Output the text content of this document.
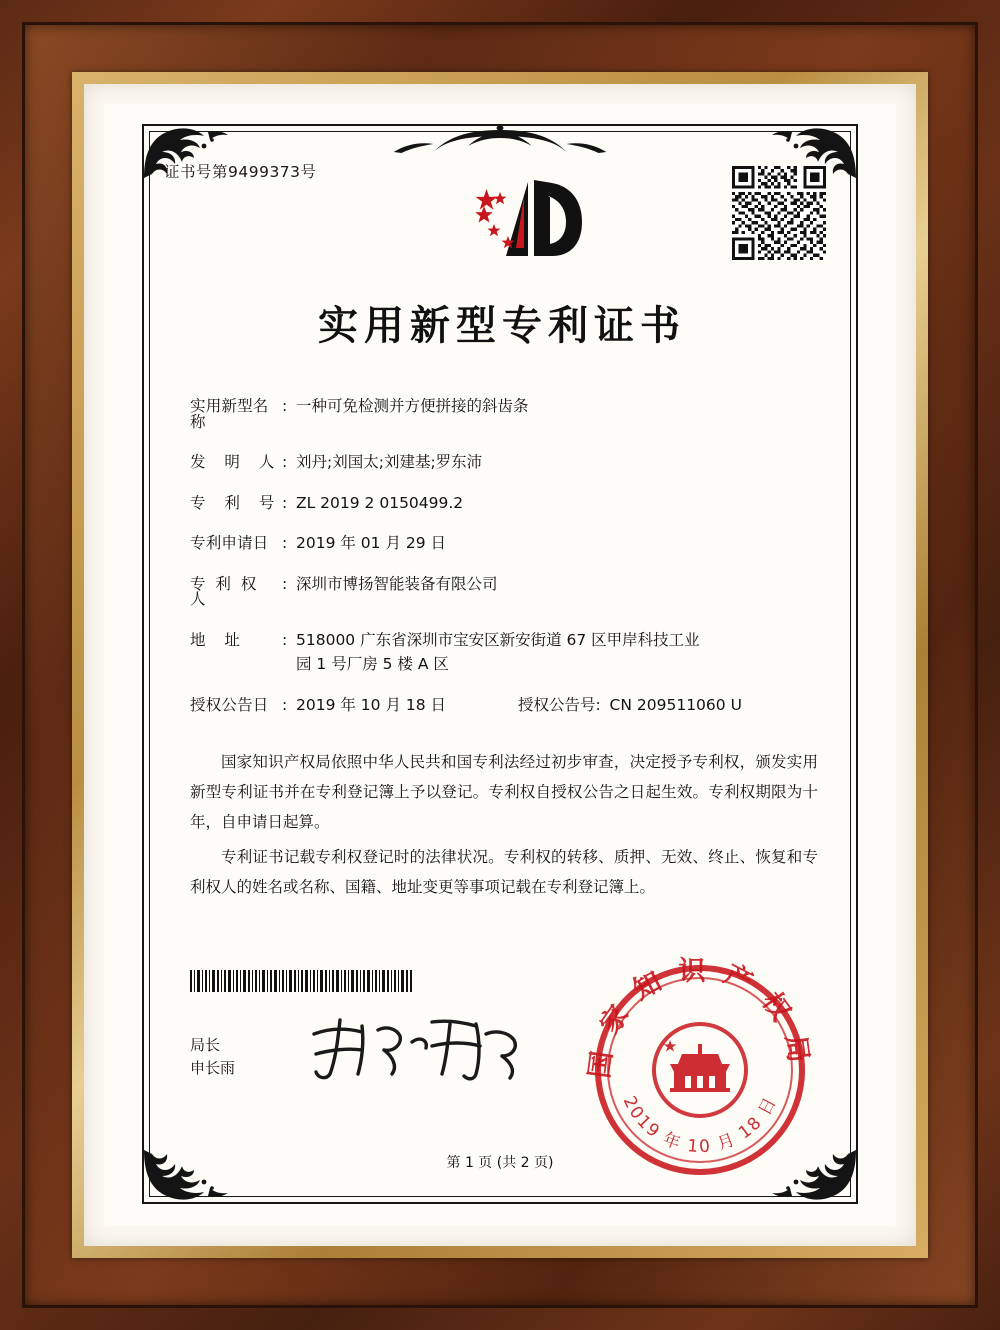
证书号第9499373号
实用新型专利证书
实用新型名称
: 一种可免检测并方便拼接的斜齿条
发 明 人 : 刘丹;刘国太;刘建基;罗东沛
专 利 号 : ZL 2019 2 0150499.2
专利申请日 : 2019 年 01 月 29 日
专 利 权 人
: 深圳市博扬智能装备有限公司
地 址	: 518000 广东省深圳市宝安区新安街道 67 区甲岸科技工业
园 1 号厂房 5 楼 A 区
授权公告日 : 2019 年 10 月 18 日	授权公告号 : CN 209511060 U
国家知识产权局依照中华人民共和国专利法经过初步审查，决定授予专利权，颁发实用新型专利证书并在专利登记簿上予以登记。专利权自授权公告之日起生效。专利权期限为十年，自申请日起算。
专利证书记载专利权登记时的法律状况。专利权的转移、质押、无效、终止、恢复和专利权人的姓名或名称、国籍、地址变更等事项记载在专利登记簿上。
局长
申长雨	国家知识产权局
2019 年 10 月 18 日
第 1 页 (共 2 页)
